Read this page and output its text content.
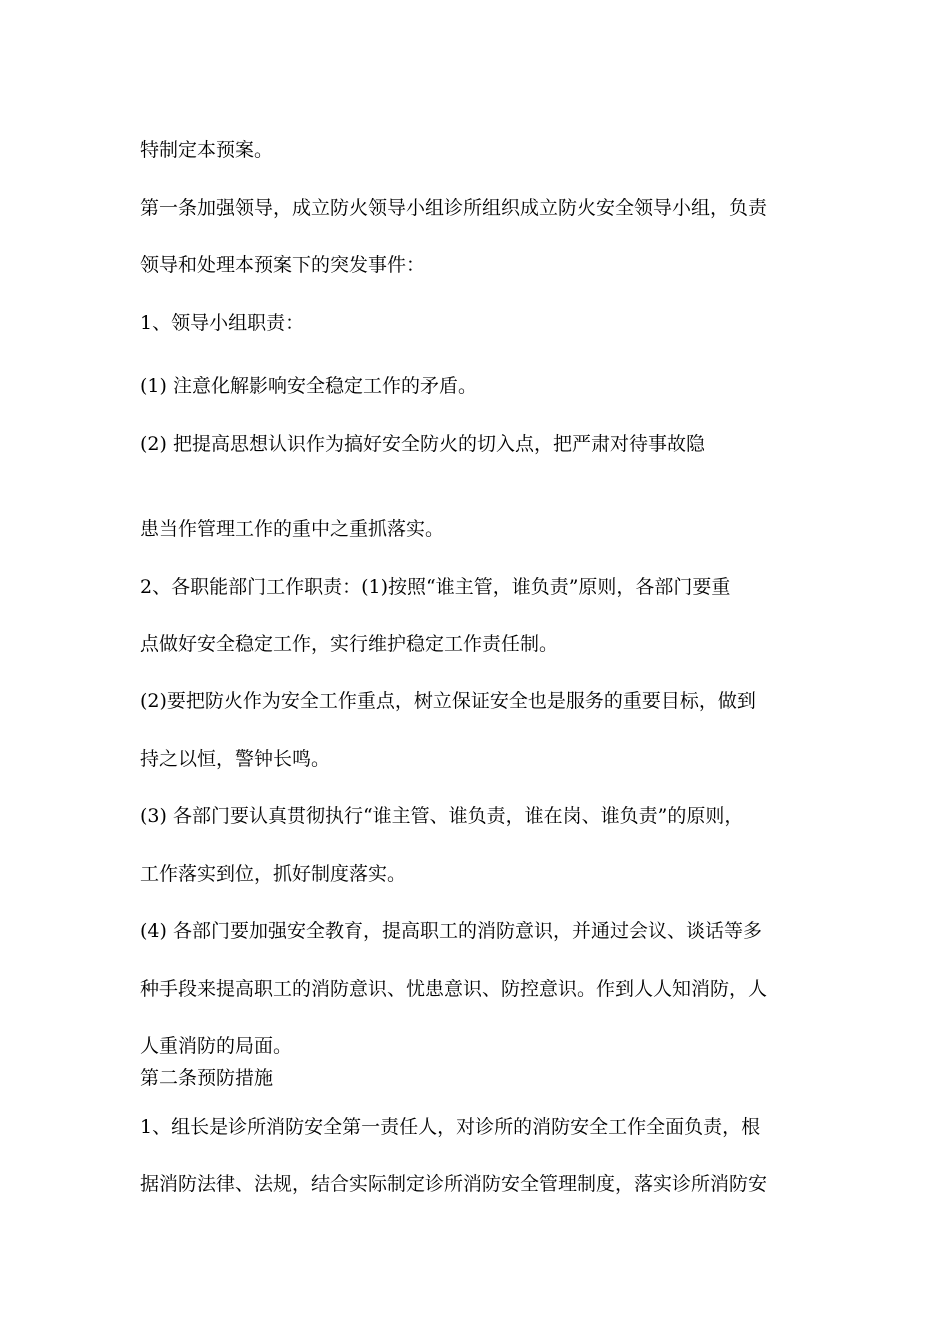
特制定本预案。
第一条加强领导，成立防火领导小组诊所组织成立防火安全领导小组，负责
领导和处理本预案下的突发事件：
1、领导小组职责：
(1) 注意化解影响安全稳定工作的矛盾。
(2) 把提高思想认识作为搞好安全防火的切入点，把严肃对待事故隐
患当作管理工作的重中之重抓落实。
2、各职能部门工作职责：(1)按照“谁主管，谁负责”原则，各部门要重
点做好安全稳定工作，实行维护稳定工作责任制。
(2)要把防火作为安全工作重点，树立保证安全也是服务的重要目标，做到
持之以恒，警钟长鸣。
(3) 各部门要认真贯彻执行“谁主管、谁负责，谁在岗、谁负责”的原则，
工作落实到位，抓好制度落实。
(4) 各部门要加强安全教育，提高职工的消防意识，并通过会议、谈话等多
种手段来提高职工的消防意识、忧患意识、防控意识。作到人人知消防，人
人重消防的局面。
第二条预防措施
1、组长是诊所消防安全第一责任人，对诊所的消防安全工作全面负责，根
据消防法律、法规，结合实际制定诊所消防安全管理制度，落实诊所消防安
